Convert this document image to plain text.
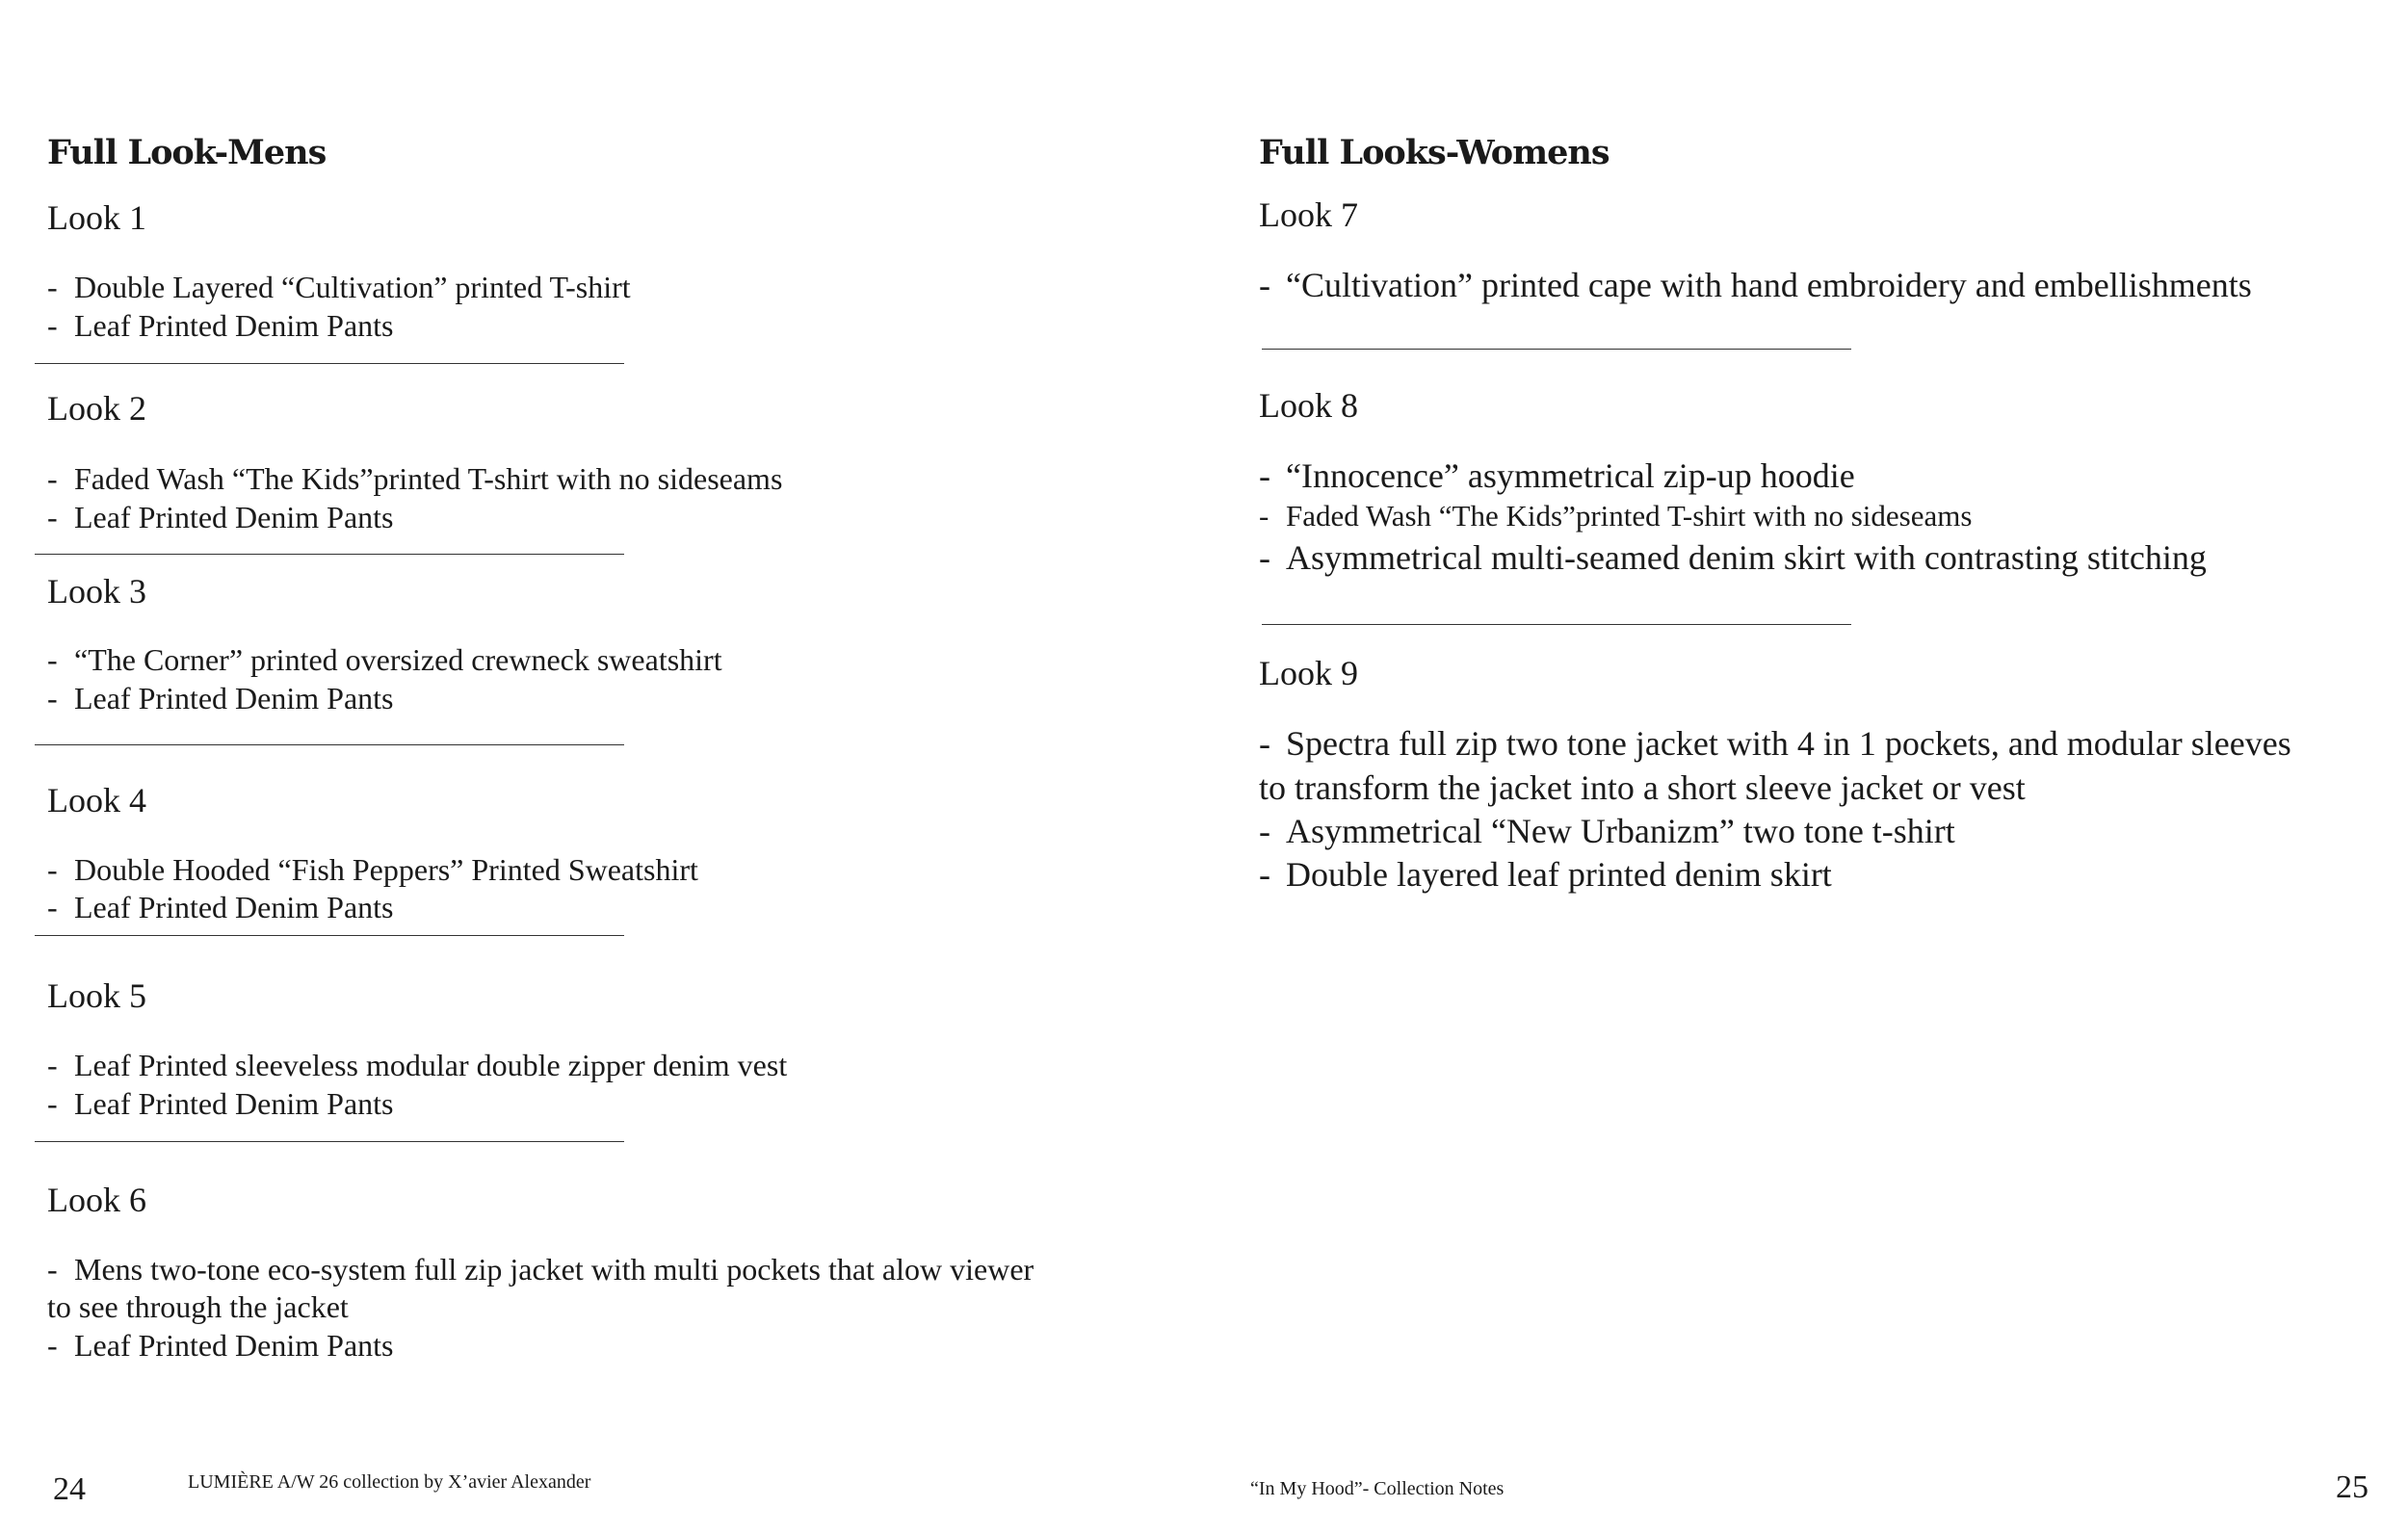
Full Look-Mens
Look 1
- Double Layered “Cultivation” printed T-shirt
- Leaf Printed Denim Pants
Look 2
- Faded Wash “The Kids”printed T-shirt with no sideseams
- Leaf Printed Denim Pants
Look 3
- “The Corner” printed oversized crewneck sweatshirt
- Leaf Printed Denim Pants
Look 4
- Double Hooded “Fish Peppers” Printed Sweatshirt
- Leaf Printed Denim Pants
Look 5
- Leaf Printed sleeveless modular double zipper denim vest
- Leaf Printed Denim Pants
Look 6
- Mens two-tone eco-system full zip jacket with multi pockets that alow viewer
to see through the jacket
- Leaf Printed Denim Pants
24	LUMIÈRE A/W 26 collection by X’avier Alexander
Full Looks-Womens
Look 7
- “Cultivation” printed cape with hand embroidery and embellishments
Look 8
- “Innocence” asymmetrical zip-up hoodie
- Faded Wash “The Kids”printed T-shirt with no sideseams
- Asymmetrical multi-seamed denim skirt with contrasting stitching
Look 9
- Spectra full zip two tone jacket with 4 in 1 pockets, and modular sleeves
to transform the jacket into a short sleeve jacket or vest
- Asymmetrical “New Urbanizm” two tone t-shirt
- Double layered leaf printed denim skirt
“In My Hood”- Collection Notes	25
